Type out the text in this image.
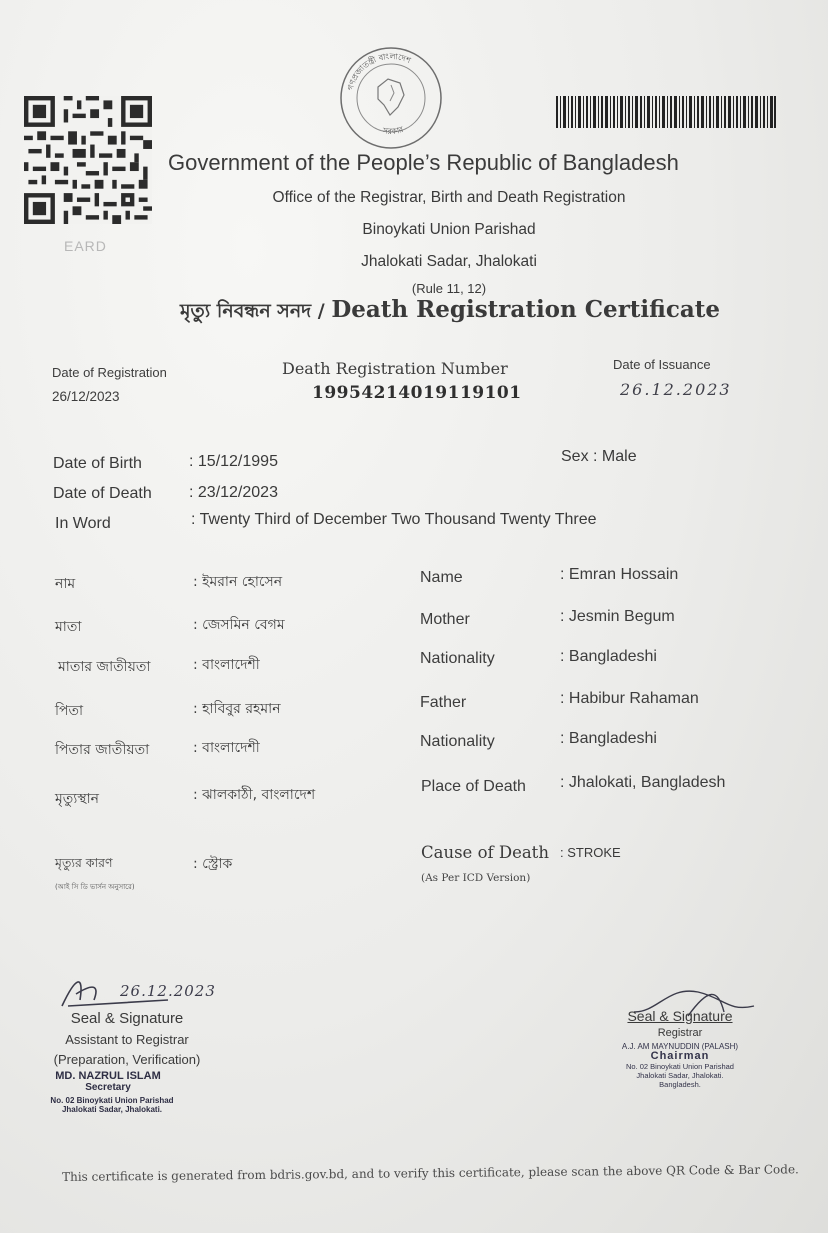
EARD
গণপ্রজাতন্ত্রী বাংলাদেশ
সরকার
Government of the People’s Republic of Bangladesh
Office of the Registrar, Birth and Death Registration
Binoykati Union Parishad
Jhalokati Sadar, Jhalokati
(Rule 11, 12)
মৃত্যু নিবন্ধন সনদ / Death Registration Certificate
Date of Registration
26/12/2023
Death Registration Number
19954214019119101
Date of Issuance
26.12.2023
Date of Birth	: 15/12/1995	Sex : Male
Date of Death : 23/12/2023
In Word	: Twenty Third of December Two Thousand Twenty Three
নাম	: ইমরান হোসেন	Name	: Emran Hossain
মাতা	: জেসমিন বেগম	Mother	: Jesmin Begum
মাতার জাতীয়তা	: বাংলাদেশী	Nationality	: Bangladeshi
পিতা	: হাবিবুর রহমান	Father	: Habibur Rahaman
পিতার জাতীয়তা	: বাংলাদেশী	Nationality	: Bangladeshi
মৃত্যুস্থান	: ঝালকাঠী, বাংলাদেশ	Place of Death : Jhalokati, Bangladesh
মৃত্যুর কারণ
(আই সি ডি ভার্সন অনুসারে)
: স্ট্রোক
Cause of Death : STROKE
(As Per ICD Version)
26.12.2023
Seal & Signature
Assistant to Registrar
(Preparation, Verification)
MD. NAZRUL ISLAM
Secretary
No. 02 Binoykati Union Parishad
Jhalokati Sadar, Jhalokati.
Seal & Signature
Registrar
A.J. AM MAYNUDDIN (PALASH)
Chairman
No. 02 Binoykati Union Parishad
Jhalokati Sadar, Jhalokati.
Bangladesh.
This certificate is generated from bdris.gov.bd, and to verify this certificate, please scan the above QR Code & Bar Code.
